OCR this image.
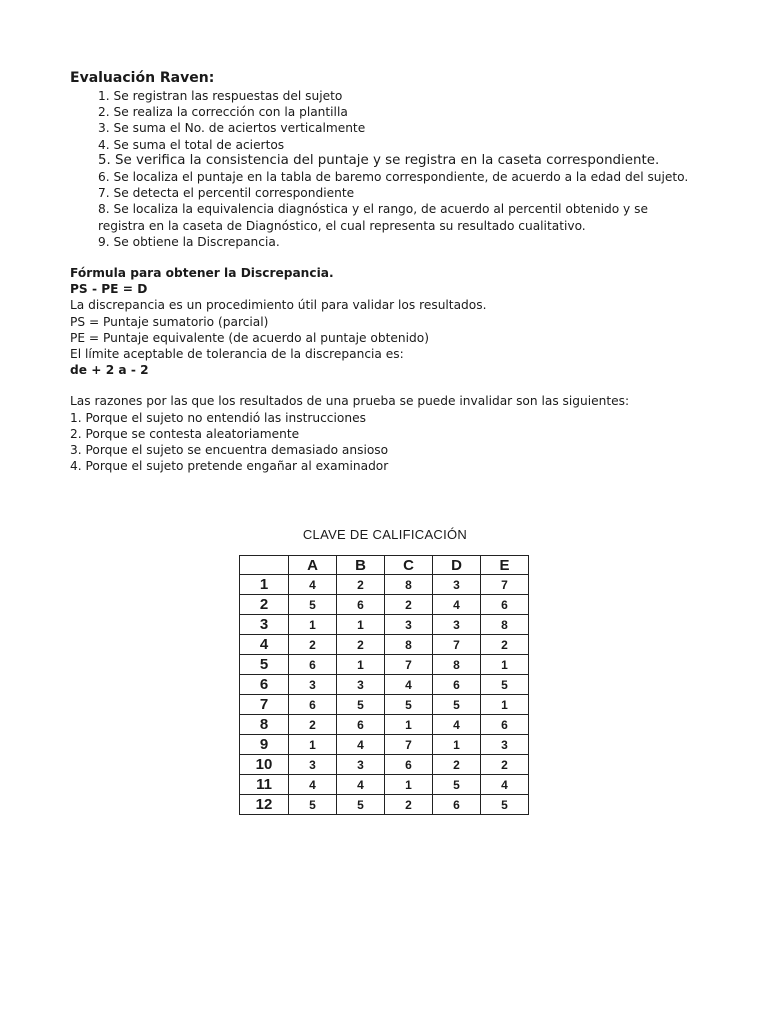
Evaluación Raven:
1. Se registran las respuestas del sujeto
2. Se realiza la corrección con la plantilla
3. Se suma el No. de aciertos verticalmente
4. Se suma el total de aciertos
5. Se verifica la consistencia del puntaje y se registra en la caseta correspondiente.
6. Se localiza el puntaje en la tabla de baremo correspondiente, de acuerdo a la edad del sujeto.
7. Se detecta el percentil correspondiente
8. Se localiza la equivalencia diagnóstica y el rango, de acuerdo al percentil obtenido y se
registra en la caseta de Diagnóstico, el cual representa su resultado cualitativo.
9. Se obtiene la Discrepancia.

Fórmula para obtener la Discrepancia.

PS - PE = D

La discrepancia es un procedimiento útil para validar los resultados.

PS = Puntaje sumatorio (parcial)

PE = Puntaje equivalente (de acuerdo al puntaje obtenido)

El límite aceptable de tolerancia de la discrepancia es:

de + 2 a - 2

Las razones por las que los resultados de una prueba se puede invalidar son las siguientes:

1. Porque el sujeto no entendió las instrucciones

2. Porque se contesta aleatoriamente

3. Porque el sujeto se encuentra demasiado ansioso

4. Porque el sujeto pretende engañar al examinador

CLAVE DE CALIFICACIÓN
	A	B	C	D	E
1	4	2	8	3	7
2	5	6	2	4	6
3	1	1	3	3	8
4	2	2	8	7	2
5	6	1	7	8	1
6	3	3	4	6	5
7	6	5	5	5	1
8	2	6	1	4	6
9	1	4	7	1	3
10	3	3	6	2	2
11	4	4	1	5	4
12	5	5	2	6	5
